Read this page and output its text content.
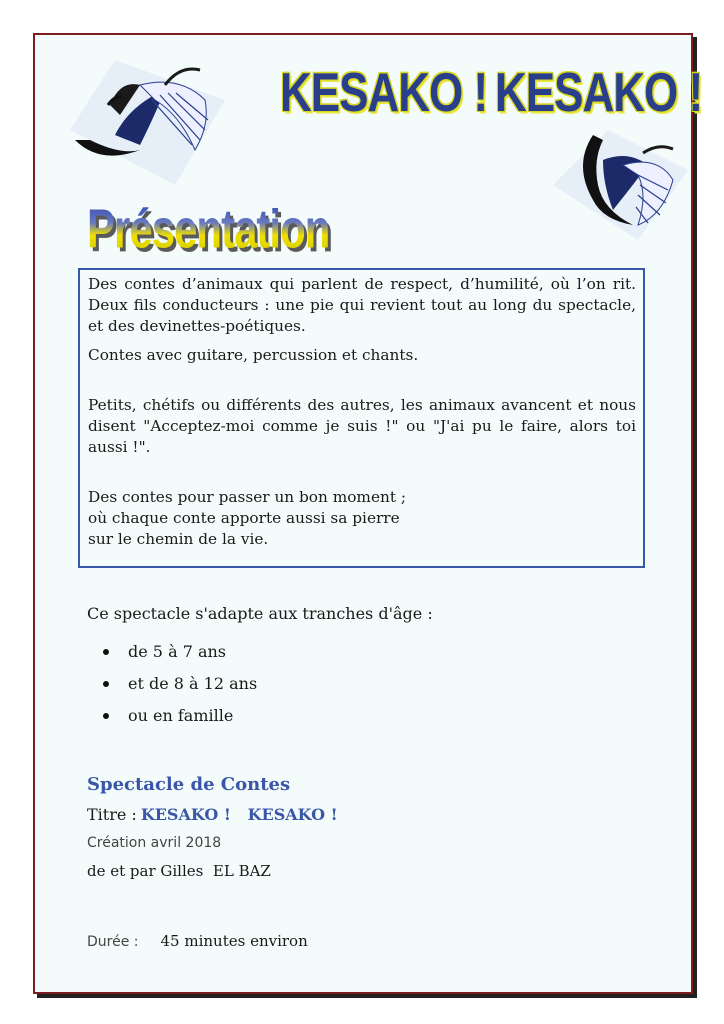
KESAKO ! KESAKO !
Présentation

Des contes d’animaux qui parlent de respect, d’humilité, où l’on rit. Deux fils conducteurs : une pie qui revient tout au long du spectacle, et des devinettes-poétiques.

Contes avec guitare, percussion et chants.

Petits, chétifs ou différents des autres, les animaux avancent et nous disent "Acceptez-moi comme je suis !" ou "J'ai pu le faire, alors toi aussi !".

Des contes pour passer un bon moment ;
où chaque conte apporte aussi sa pierre
sur le chemin de la vie.

Ce spectacle s'adapte aux tranches d'âge :
de 5 à 7 ans
et de 8 à 12 ans
ou en famille
Spectacle de Contes
Titre : KESAKO !   KESAKO !
Création avril 2018
de et par Gilles  EL BAZ
Durée : 45 minutes environ
